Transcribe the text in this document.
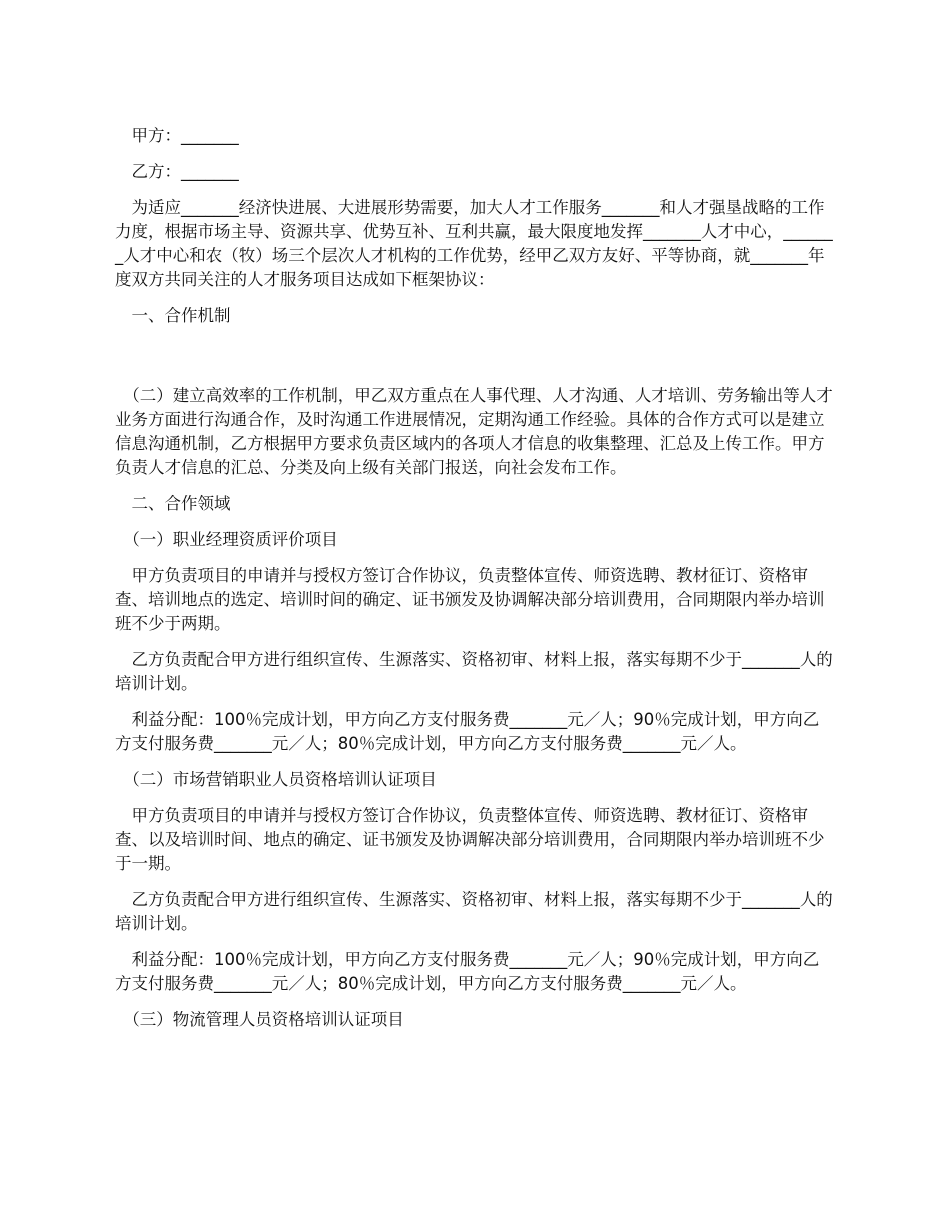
　甲方：_______

　乙方：_______

　为适应_______经济快进展、大进展形势需要，加大人才工作服务_______和人才强垦战略的工作力度，根据市场主导、资源共享、优势互补、互利共赢，最大限度地发挥_______人才中心，_______人才中心和农（牧）场三个层次人才机构的工作优势，经甲乙双方友好、平等协商，就_______年度双方共同关注的人才服务项目达成如下框架协议：

　一、合作机制

　（二）建立高效率的工作机制，甲乙双方重点在人事代理、人才沟通、人才培训、劳务输出等人才业务方面进行沟通合作，及时沟通工作进展情况，定期沟通工作经验。具体的合作方式可以是建立信息沟通机制，乙方根据甲方要求负责区域内的各项人才信息的收集整理、汇总及上传工作。甲方负责人才信息的汇总、分类及向上级有关部门报送，向社会发布工作。

　二、合作领域

　（一）职业经理资质评价项目

　甲方负责项目的申请并与授权方签订合作协议，负责整体宣传、师资选聘、教材征订、资格审查、培训地点的选定、培训时间的确定、证书颁发及协调解决部分培训费用，合同期限内举办培训班不少于两期。

　乙方负责配合甲方进行组织宣传、生源落实、资格初审、材料上报，落实每期不少于_______人的培训计划。

　利益分配：100％完成计划，甲方向乙方支付服务费_______元／人；90％完成计划，甲方向乙方支付服务费_______元／人；80％完成计划，甲方向乙方支付服务费_______元／人。

　（二）市场营销职业人员资格培训认证项目

　甲方负责项目的申请并与授权方签订合作协议，负责整体宣传、师资选聘、教材征订、资格审查、以及培训时间、地点的确定、证书颁发及协调解决部分培训费用，合同期限内举办培训班不少于一期。

　乙方负责配合甲方进行组织宣传、生源落实、资格初审、材料上报，落实每期不少于_______人的培训计划。

　利益分配：100％完成计划，甲方向乙方支付服务费_______元／人；90％完成计划，甲方向乙方支付服务费_______元／人；80％完成计划，甲方向乙方支付服务费_______元／人。

　（三）物流管理人员资格培训认证项目
